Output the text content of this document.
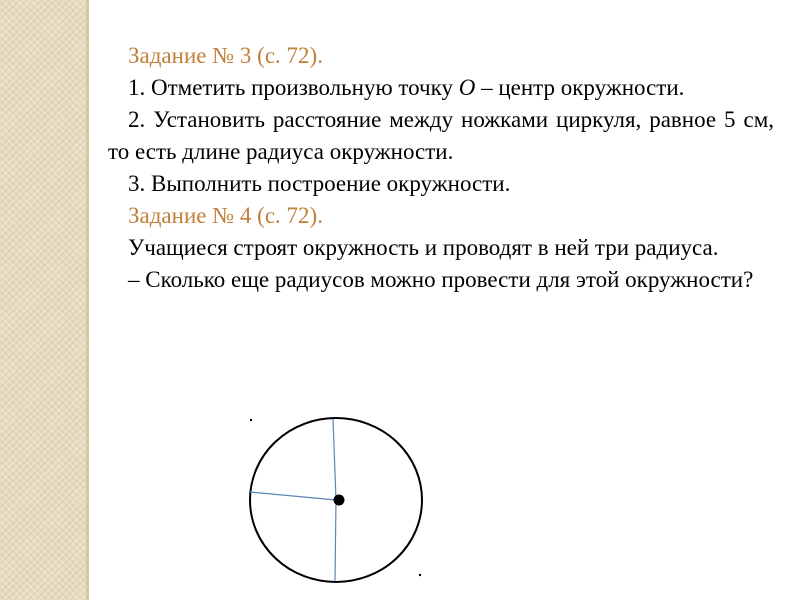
Задание № 3 (с. 72).

1. Отметить произвольную точку О – центр окружности.

2. Установить расстояние между ножками циркуля, равное 5 см, то есть длине радиуса окружности.

3. Выполнить построение окружности.

Задание № 4 (с. 72).

Учащиеся строят окружность и проводят в ней три радиуса.

– Сколько еще радиусов можно провести для этой окружности?
